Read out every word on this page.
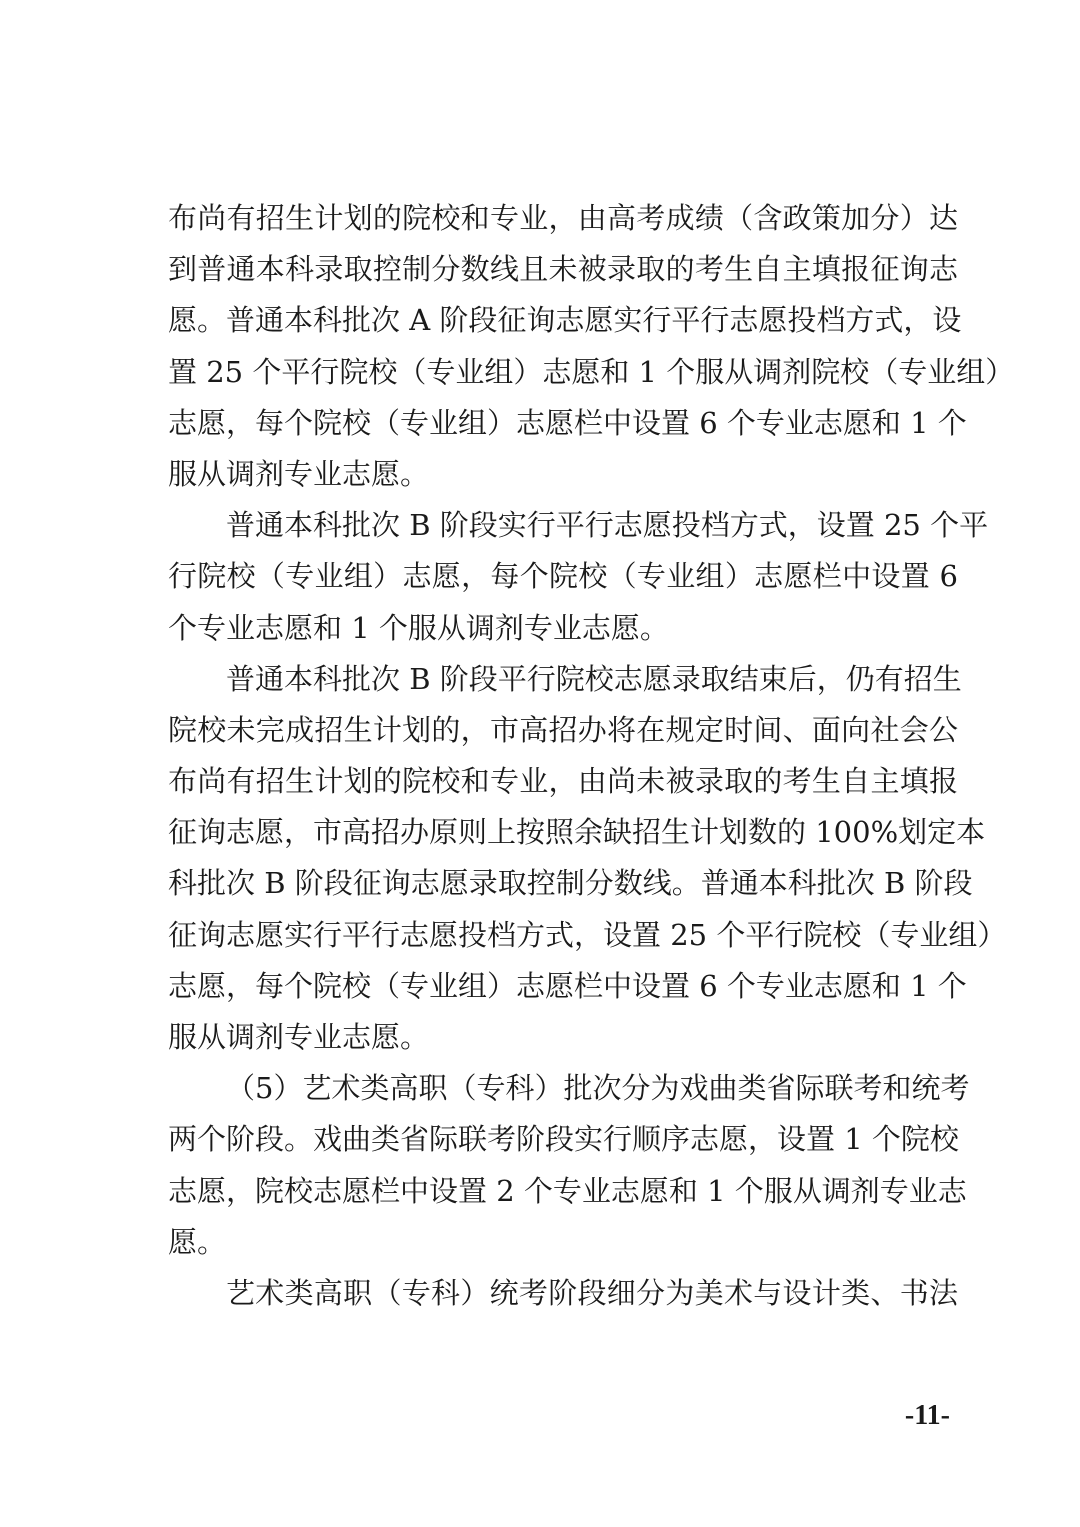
布尚有招生计划的院校和专业，由高考成绩（含政策加分）达
到普通本科录取控制分数线且未被录取的考生自主填报征询志
愿。普通本科批次 A 阶段征询志愿实行平行志愿投档方式，设
置 25 个平行院校（专业组）志愿和 1 个服从调剂院校（专业组）
志愿，每个院校（专业组）志愿栏中设置 6 个专业志愿和 1 个
服从调剂专业志愿。
普通本科批次 B 阶段实行平行志愿投档方式，设置 25 个平
行院校（专业组）志愿，每个院校（专业组）志愿栏中设置 6
个专业志愿和 1 个服从调剂专业志愿。
普通本科批次 B 阶段平行院校志愿录取结束后，仍有招生
院校未完成招生计划的，市高招办将在规定时间、面向社会公
布尚有招生计划的院校和专业，由尚未被录取的考生自主填报
征询志愿，市高招办原则上按照余缺招生计划数的 100%划定本
科批次 B 阶段征询志愿录取控制分数线。普通本科批次 B 阶段
征询志愿实行平行志愿投档方式，设置 25 个平行院校（专业组）
志愿，每个院校（专业组）志愿栏中设置 6 个专业志愿和 1 个
服从调剂专业志愿。
（5）艺术类高职（专科）批次分为戏曲类省际联考和统考
两个阶段。戏曲类省际联考阶段实行顺序志愿，设置 1 个院校
志愿，院校志愿栏中设置 2 个专业志愿和 1 个服从调剂专业志
愿。
艺术类高职（专科）统考阶段细分为美术与设计类、书法
-11-
